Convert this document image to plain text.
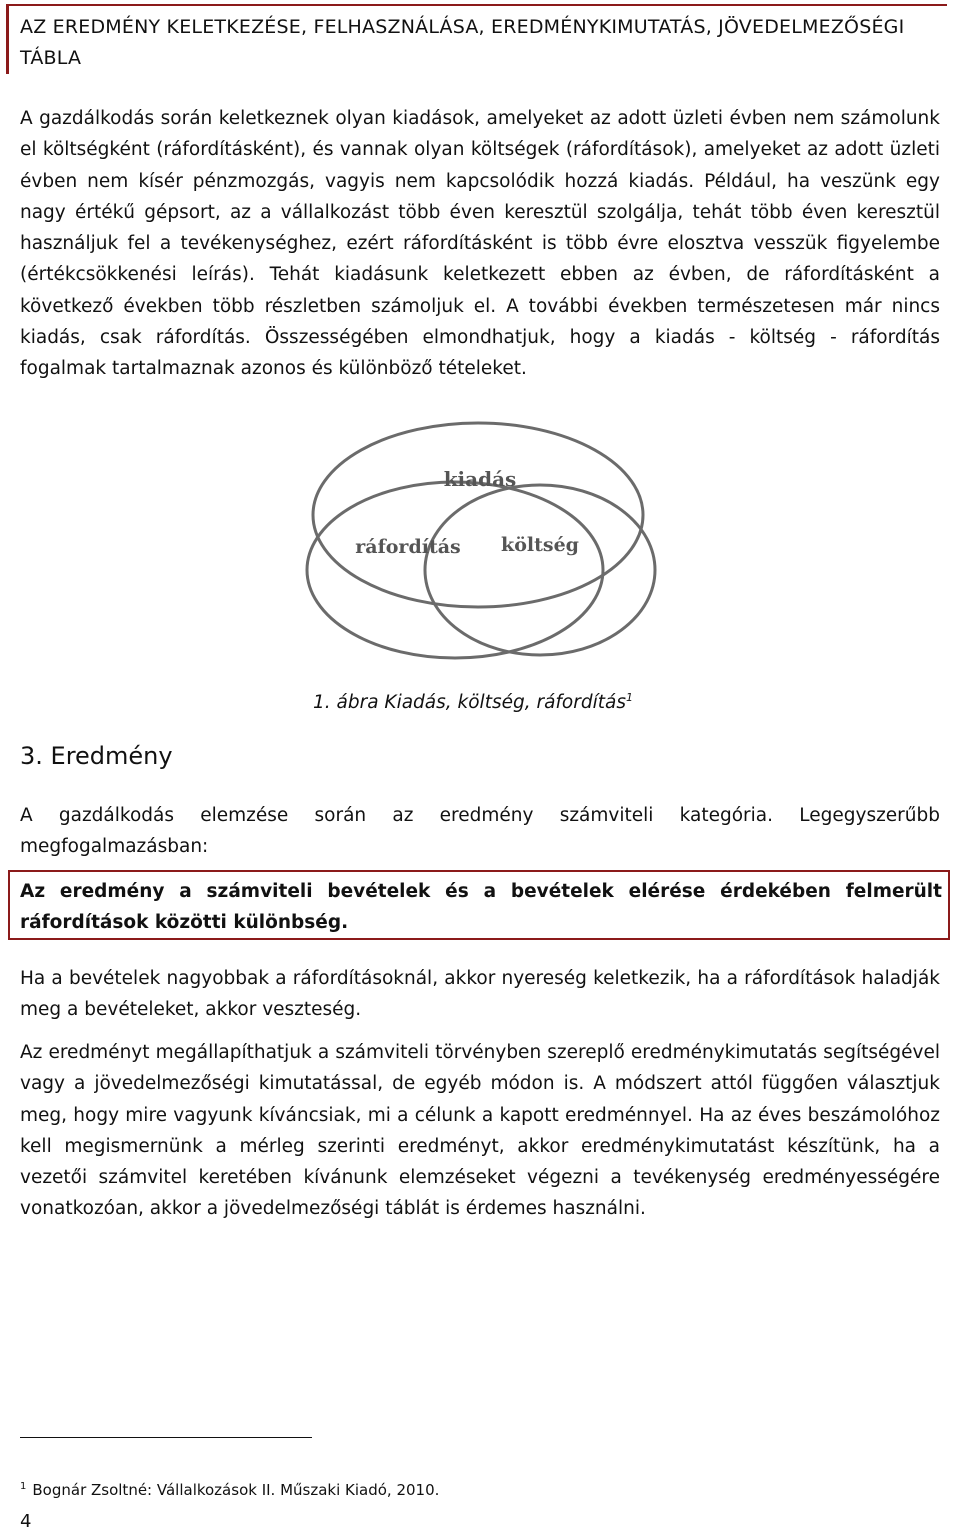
AZ EREDMÉNY KELETKEZÉSE, FELHASZNÁLÁSA, EREDMÉNYKIMUTATÁS, JÖVEDELMEZŐSÉGI TÁBLA

A gazdálkodás során keletkeznek olyan kiadások, amelyeket az adott üzleti évben nem számolunk el költségként (ráfordításként), és vannak olyan költségek (ráfordítások), amelyeket az adott üzleti évben nem kísér pénzmozgás, vagyis nem kapcsolódik hozzá kiadás. Például, ha veszünk egy nagy értékű gépsort, az a vállalkozást több éven keresztül szolgálja, tehát több éven keresztül használjuk fel a tevékenységhez, ezért ráfordításként is több évre elosztva vesszük figyelembe (értékcsökkenési leírás). Tehát kiadásunk keletkezett ebben az évben, de ráfordításként a következő években több részletben számoljuk el. A további években természetesen már nincs kiadás, csak ráfordítás. Összességében elmondhatjuk, hogy a kiadás - költség - ráfordítás fogalmak tartalmaznak azonos és különböző tételeket.

kiadás
ráfordítás költség
1. ábra Kiadás, költség, ráfordítás$^1$
3. Eredmény

A gazdálkodás elemzése során az eredmény számviteli kategória. Legegyszerűbb megfogalmazásban:

Az eredmény a számviteli bevételek és a bevételek elérése érdekében felmerült ráfordítások közötti különbség.

Ha a bevételek nagyobbak a ráfordításoknál, akkor nyereség keletkezik, ha a ráfordítások haladják meg a bevételeket, akkor veszteség.

Az eredményt megállapíthatjuk a számviteli törvényben szereplő eredménykimutatás segítségével vagy a jövedelmezőségi kimutatással, de egyéb módon is. A módszert attól függően választjuk meg, hogy mire vagyunk kíváncsiak, mi a célunk a kapott eredménnyel. Ha az éves beszámolóhoz kell megismernünk a mérleg szerinti eredményt, akkor eredménykimutatást készítünk, ha a vezetői számvitel keretében kívánunk elemzéseket végezni a tevékenység eredményességére vonatkozóan, akkor a jövedelmezőségi táblát is érdemes használni.

$^1$ Bognár Zsoltné: Vállalkozások II. Műszaki Kiadó, 2010.
4
